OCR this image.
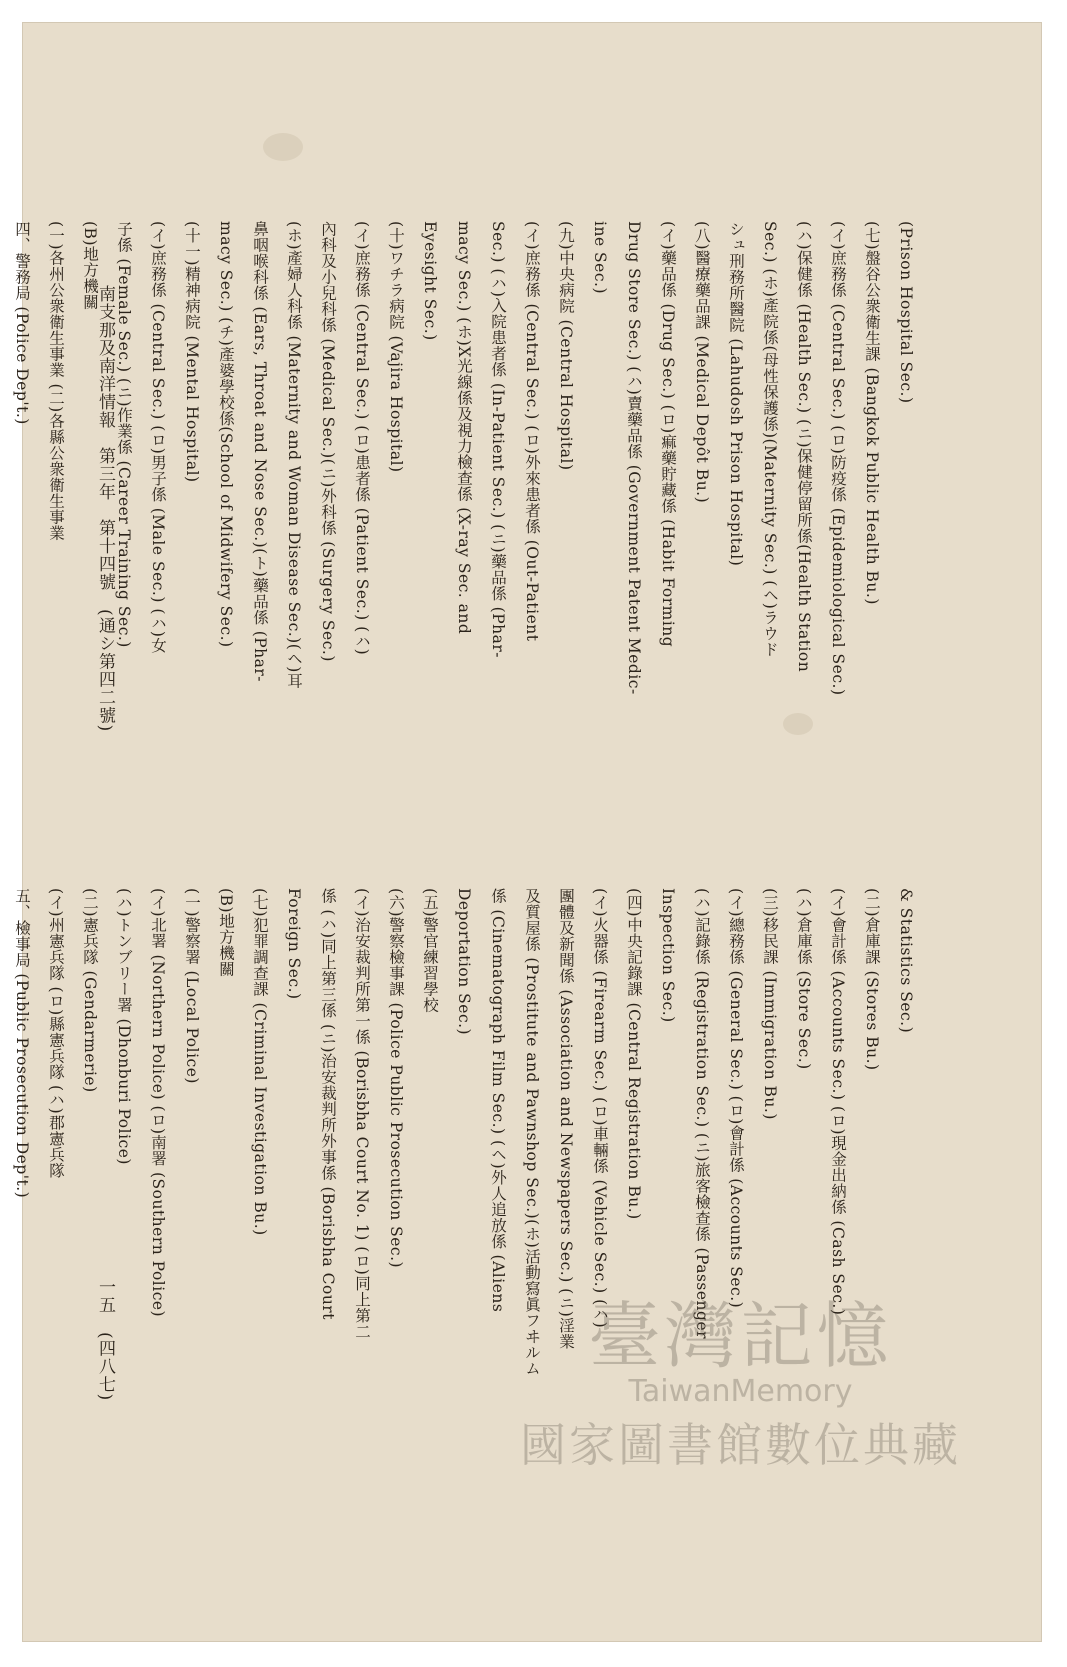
(Prison Hospital Sec.)
(七)盤谷公衆衛生課 (Bangkok Public Health Bu.)
(イ)庶務係 (Central Sec.) (ロ)防疫係 (Epidemiological Sec.)
(ハ)保健係 (Health Sec.) (ニ)保健停留所係(Health Station
Sec.) (ホ)產院係(母性保護係)(Maternity Sec.) (ヘ)ラウド
シュ刑務所醫院 (Lahudosh Prison Hospital)
(八)醫療藥品課 (Medical Depôt Bu.)
(イ)藥品係 (Drug Sec.) (ロ)痲藥貯藏係 (Habit Forming
Drug Store Sec.) (ハ)賣藥品係 (Government Patent Medic-
ine Sec.)
(九)中央病院 (Central Hospital)
(イ)庶務係 (Central Sec.) (ロ)外來患者係 (Out-Patient
Sec.) (ハ)入院患者係 (In-Patient Sec.) (ニ)藥品係 (Phar-
macy Sec.) (ホ)X光線係及視力檢查係 (X-ray Sec. and
Eyesight Sec.)
(十)ワチラ病院 (Vajira Hospital)
(イ)庶務係 (Central Sec.) (ロ)患者係 (Patient Sec.) (ハ)
內科及小兒科係 (Medical Sec.)(ニ)外科係 (Surgery Sec.)
(ホ)產婦人科係 (Maternity and Woman Disease Sec.)(ヘ)耳
鼻咽喉科係 (Ears, Throat and Nose Sec.)(ト)藥品係 (Phar-
macy Sec.) (チ)產婆學校係(School of Midwifery Sec.)
(十一)精神病院 (Mental Hospital)
(イ)庶務係 (Central Sec.) (ロ)男子係 (Male Sec.) (ハ)女
子係 (Female Sec.) (ニ)作業係 (Career Training Sec.)
(B)地方機關
(一)各州公衆衛生事業 (二)各縣公衆衛生事業
四、警務局 (Police Dep't.)
& Statistics Sec.)
(二)倉庫課 (Stores Bu.)
(イ)會計係 (Accounts Sec.) (ロ)現金出納係 (Cash Sec.)
(ハ)倉庫係 (Store Sec.)
(三)移民課 (Immigration Bu.)
(イ)總務係 (General Sec.) (ロ)會計係 (Accounts Sec.)
(ハ)記錄係 (Registration Sec.) (ニ)旅客檢查係 (Passenger
Inspection Sec.)
(四)中央記錄課 (Central Registration Bu.)
(イ)火器係 (Firearm Sec.) (ロ)車輛係 (Vehicle Sec.) (ハ)
團體及新聞係 (Association and Newspapers Sec.) (ニ)淫業
及質屋係 (Prostitute and Pawnshop Sec.)(ホ)活動寫眞フヰルム
係 (Cinematograph Film Sec.) (ヘ)外人追放係 (Aliens
Deportation Sec.)
(五)警官練習學校
(六)警察檢事課 (Police Public Prosecution Sec.)
(イ)治安裁判所第一係 (Borisbha Court No. 1) (ロ)同上第二
係 (ハ)同上第三係 (ニ)治安裁判所外事係 (Borisbha Court
Foreign Sec.)
(七)犯罪調查課 (Criminal Investigation Bu.)
(B)地方機關
(一)警察署 (Local Police)
(イ)北署 (Northern Police) (ロ)南署 (Southern Police)
(ハ)トンブリー署 (Dhonburi Police)
(二)憲兵隊 (Gendarmerie)
(イ)州憲兵隊 (ロ)縣憲兵隊 (ハ)郡憲兵隊
五、檢事局 (Public Prosecution Dep't.)
南支那及南洋情報　第三年　第十四號　(通シ第四二號)
一五　(四八七)	臺灣記憶
TaiwanMemory
國家圖書館數位典藏
